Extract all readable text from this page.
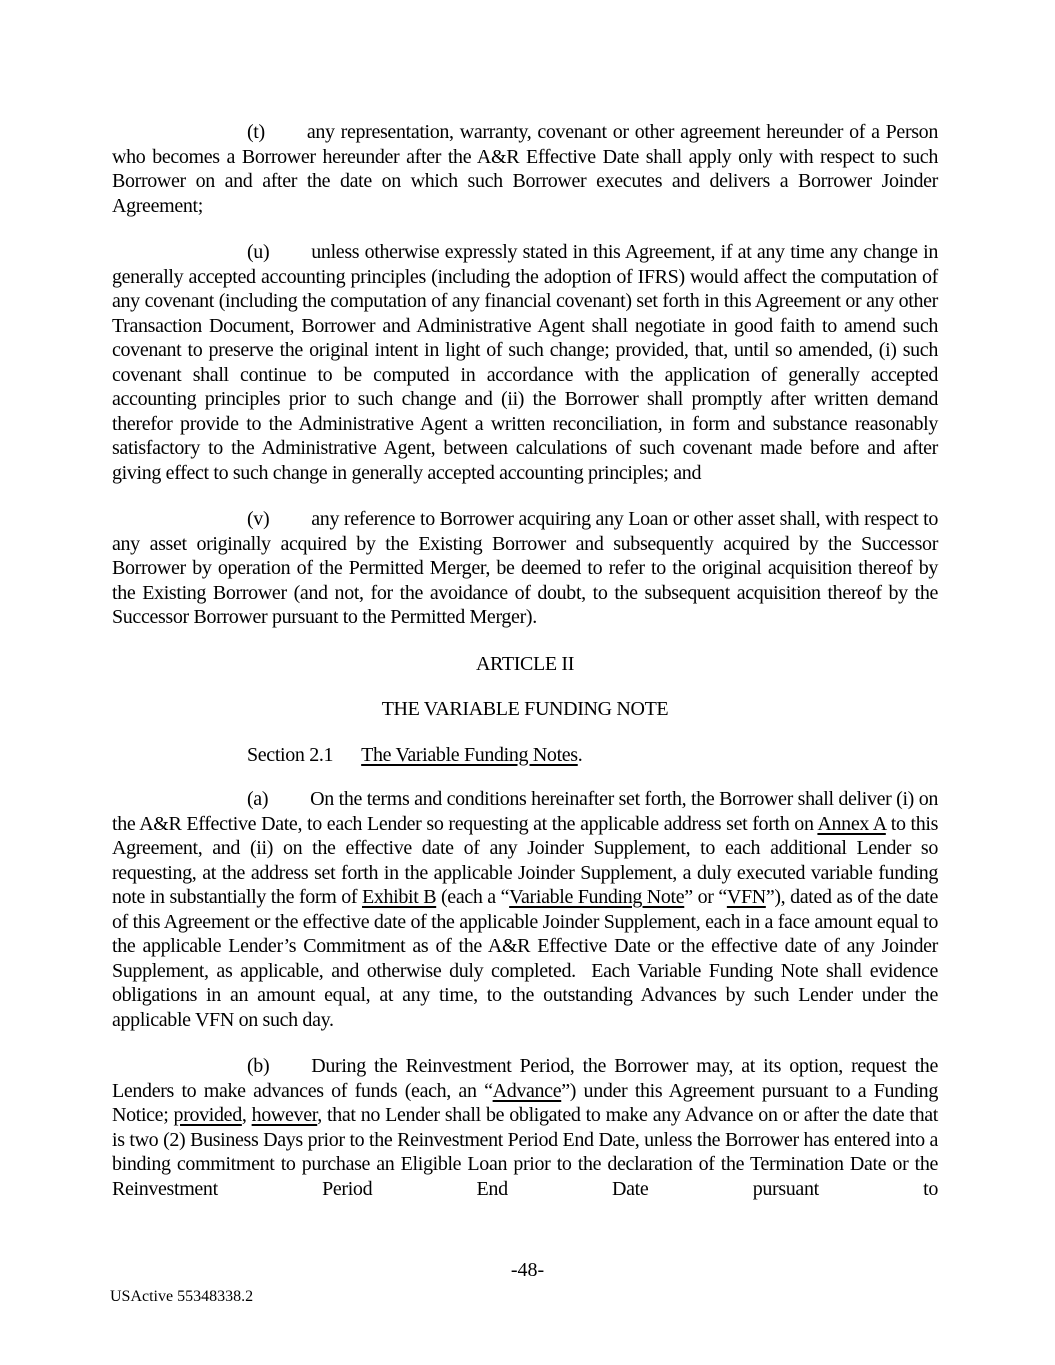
(t) any representation, warranty, covenant or other agreement hereunder of a Person who becomes a Borrower hereunder after the A&R Effective Date shall apply only with respect to such Borrower on and after the date on which such Borrower executes and delivers a Borrower Joinder Agreement;

(u) unless otherwise expressly stated in this Agreement, if at any time any change in generally accepted accounting principles (including the adoption of IFRS) would affect the computation of any covenant (including the computation of any financial covenant) set forth in this Agreement or any other Transaction Document, Borrower and Administrative Agent shall negotiate in good faith to amend such covenant to preserve the original intent in light of such change; provided, that, until so amended, (i) such covenant shall continue to be computed in accordance with the application of generally accepted accounting principles prior to such change and (ii) the Borrower shall promptly after written demand therefor provide to the Administrative Agent a written reconciliation, in form and substance reasonably satisfactory to the Administrative Agent, between calculations of such covenant made before and after giving effect to such change in generally accepted accounting principles; and

(v) any reference to Borrower acquiring any Loan or other asset shall, with respect to any asset originally acquired by the Existing Borrower and subsequently acquired by the Successor Borrower by operation of the Permitted Merger, be deemed to refer to the original acquisition thereof by the Existing Borrower (and not, for the avoidance of doubt, to the subsequent acquisition thereof by the Successor Borrower pursuant to the Permitted Merger).

ARTICLE II

THE VARIABLE FUNDING NOTE

Section 2.1 The Variable Funding Notes.

(a) On the terms and conditions hereinafter set forth, the Borrower shall deliver (i) on the A&R Effective Date, to each Lender so requesting at the applicable address set forth on Annex A to this Agreement, and (ii) on the effective date of any Joinder Supplement, to each additional Lender so requesting, at the address set forth in the applicable Joinder Supplement, a duly executed variable funding note in substantially the form of Exhibit B (each a “Variable Funding Note” or “VFN”), dated as of the date of this Agreement or the effective date of the applicable Joinder Supplement, each in a face amount equal to the applicable Lender’s Commitment as of the A&R Effective Date or the effective date of any Joinder Supplement, as applicable, and otherwise duly completed.  Each Variable Funding Note shall evidence obligations in an amount equal, at any time, to the outstanding Advances by such Lender under the applicable VFN on such day.

(b) During the Reinvestment Period, the Borrower may, at its option, request the Lenders to make advances of funds (each, an “Advance”) under this Agreement pursuant to a Funding Notice; provided, however, that no Lender shall be obligated to make any Advance on or after the date that is two (2) Business Days prior to the Reinvestment Period End Date, unless the Borrower has entered into a binding commitment to purchase an Eligible Loan prior to the declaration of the Termination Date or the Reinvestment Period End Date pursuant to

-48-
USActive 55348338.2
